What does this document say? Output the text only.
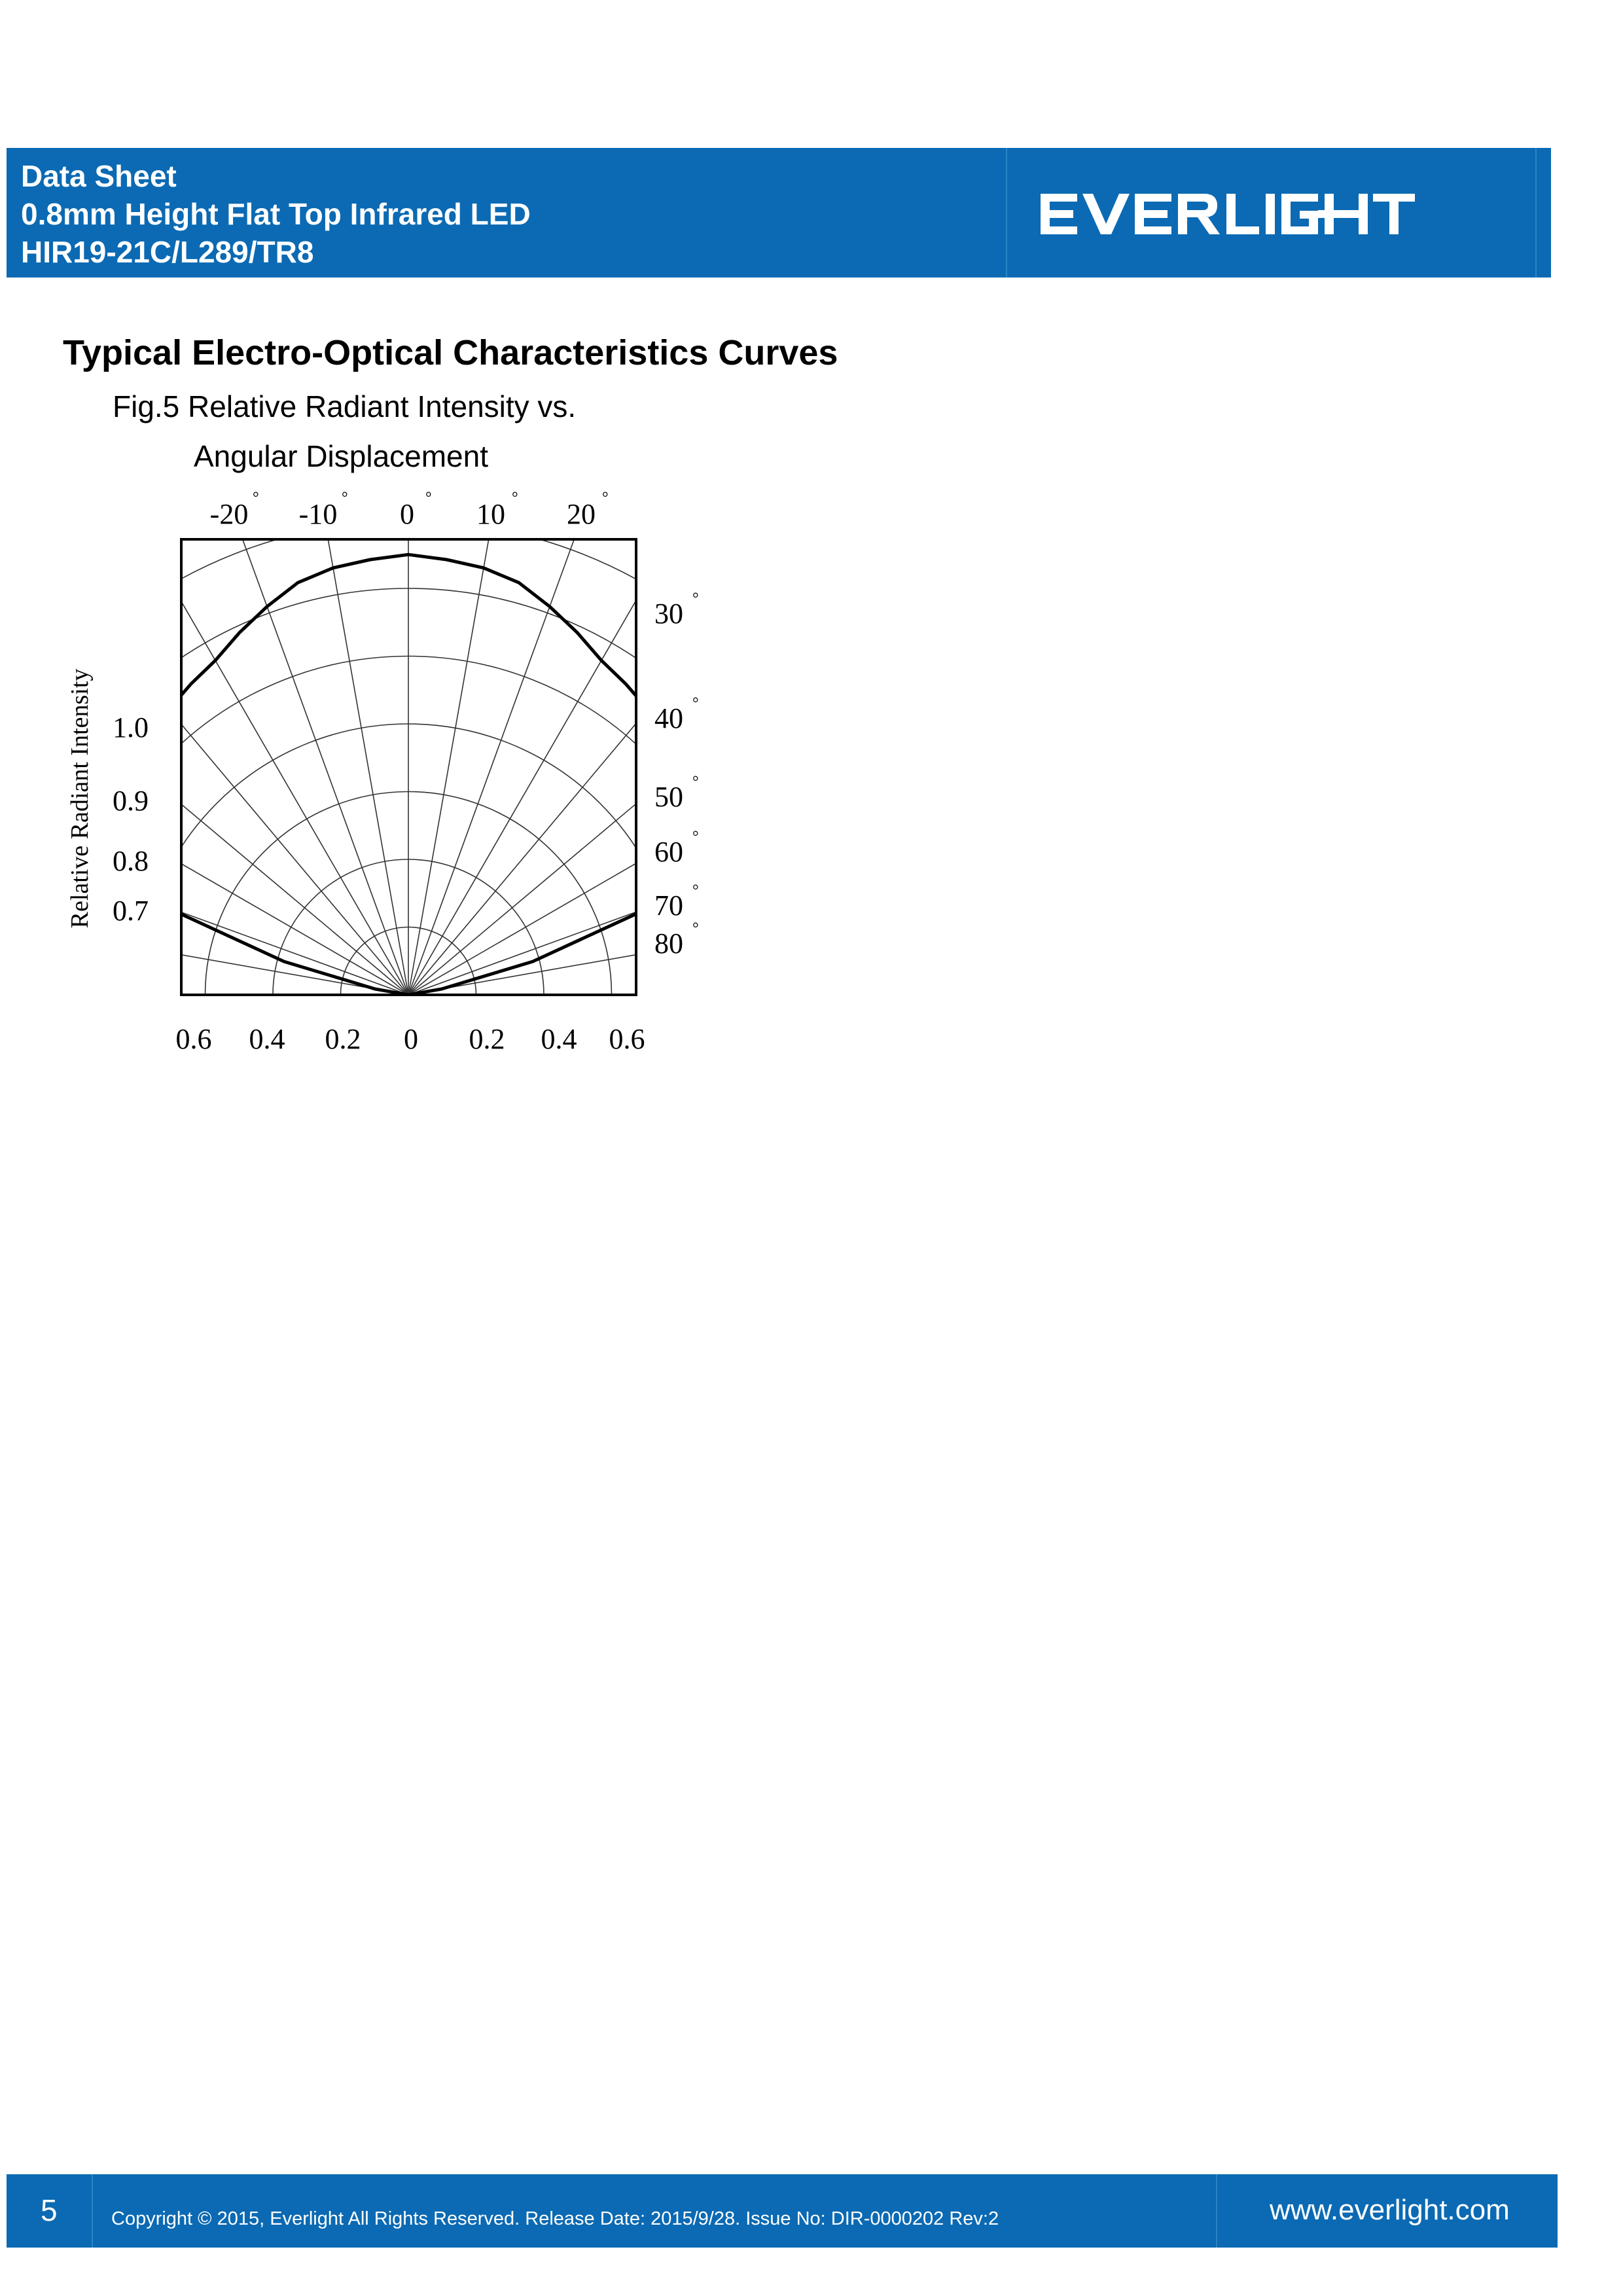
Data Sheet
0.8mm Height Flat Top Infrared LED
HIR19-21C/L289/TR8
EVERLIGHT
Typical Electro-Optical Characteristics Curves
Fig.5 Relative Radiant Intensity vs.
Angular Displacement
-20 ° -10 ° 0 ° 10 ° 20 °
30 °
40 °
50 °
60 °
70 °
80 °
1.0
0.9
0.8
0.7
Relative Radiant Intensity
0.6 0.4 0.2 0 0.2 0.4 0.6
5	Copyright © 2015, Everlight All Rights Reserved. Release Date: 2015/9/28. Issue No: DIR-0000202 Rev:2	www.everlight.com
